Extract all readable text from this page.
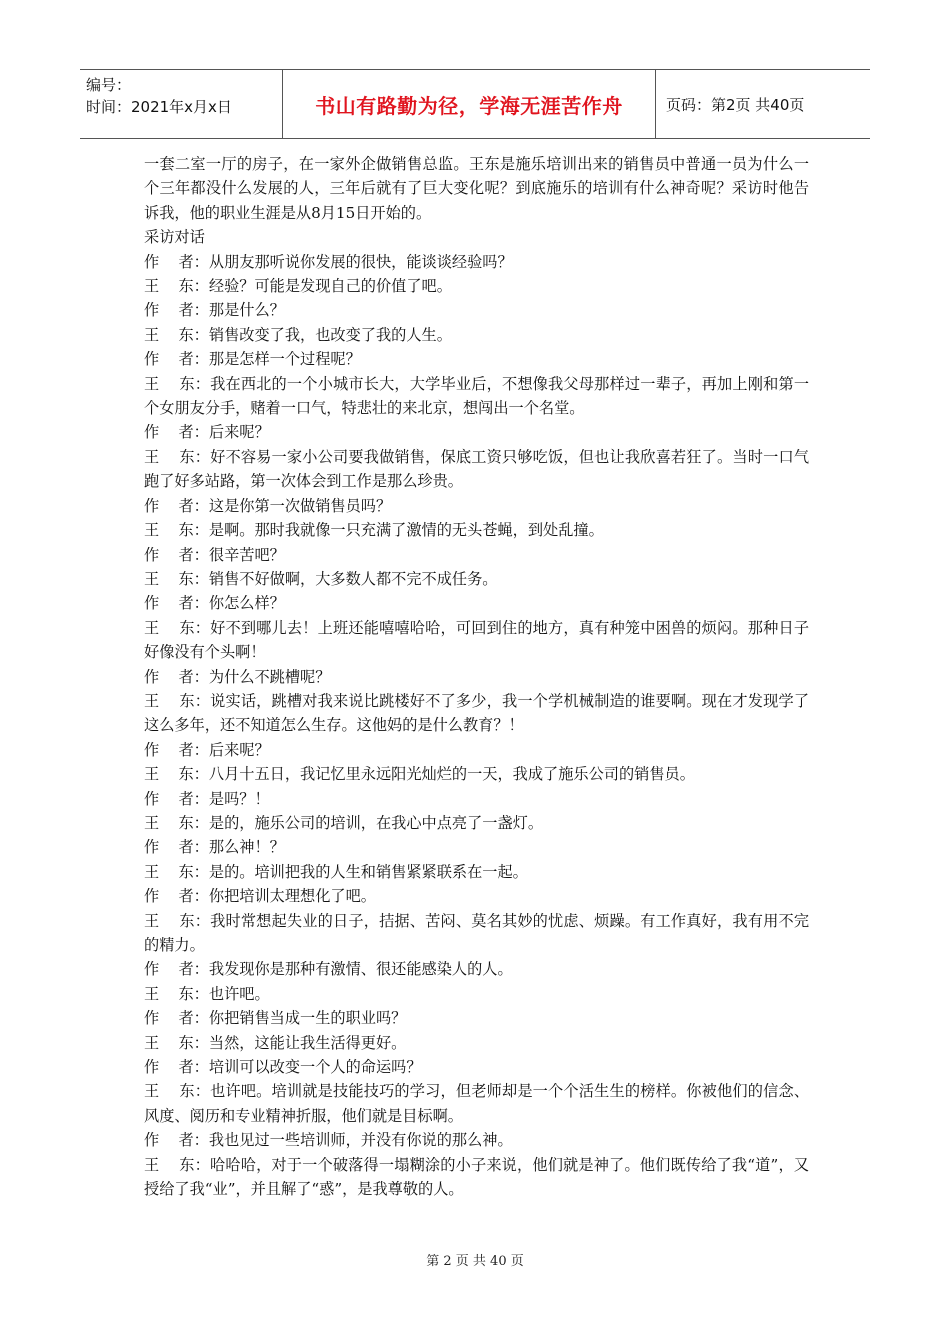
编号：
时间：2021年x月x日	书山有路勤为径，学海无涯苦作舟	页码：第2页 共40页

一套二室一厅的房子，在一家外企做销售总监。王东是施乐培训出来的销售员中普通一员为什么一个三年都没什么发展的人，三年后就有了巨大变化呢？到底施乐的培训有什么神奇呢？采访时他告诉我，他的职业生涯是从8月15日开始的。

采访对话

作    者：从朋友那听说你发展的很快，能谈谈经验吗？

王    东：经验？可能是发现自己的价值了吧。

作    者：那是什么？

王    东：销售改变了我，也改变了我的人生。

作    者：那是怎样一个过程呢？

王    东：我在西北的一个小城市长大，大学毕业后，不想像我父母那样过一辈子，再加上刚和第一个女朋友分手，赌着一口气，特悲壮的来北京，想闯出一个名堂。

作    者：后来呢？

王    东：好不容易一家小公司要我做销售，保底工资只够吃饭，但也让我欣喜若狂了。当时一口气跑了好多站路，第一次体会到工作是那么珍贵。

作    者：这是你第一次做销售员吗？

王    东：是啊。那时我就像一只充满了激情的无头苍蝇，到处乱撞。

作    者：很辛苦吧？

王    东：销售不好做啊，大多数人都不完不成任务。

作    者：你怎么样？

王    东：好不到哪儿去！上班还能嘻嘻哈哈，可回到住的地方，真有种笼中困兽的烦闷。那种日子好像没有个头啊！

作    者：为什么不跳槽呢？

王    东：说实话，跳槽对我来说比跳楼好不了多少，我一个学机械制造的谁要啊。现在才发现学了这么多年，还不知道怎么生存。这他妈的是什么教育？！

作    者：后来呢？

王    东：八月十五日，我记忆里永远阳光灿烂的一天，我成了施乐公司的销售员。

作    者：是吗？！

王    东：是的，施乐公司的培训，在我心中点亮了一盏灯。

作    者：那么神！？

王    东：是的。培训把我的人生和销售紧紧联系在一起。

作    者：你把培训太理想化了吧。

王    东：我时常想起失业的日子，拮据、苦闷、莫名其妙的忧虑、烦躁。有工作真好，我有用不完的精力。

作    者：我发现你是那种有激情、很还能感染人的人。

王    东：也许吧。

作    者：你把销售当成一生的职业吗？

王    东：当然，这能让我生活得更好。

作    者：培训可以改变一个人的命运吗？

王    东：也许吧。培训就是技能技巧的学习，但老师却是一个个活生生的榜样。你被他们的信念、风度、阅历和专业精神折服，他们就是目标啊。

作    者：我也见过一些培训师，并没有你说的那么神。

王    东：哈哈哈，对于一个破落得一塌糊涂的小子来说，他们就是神了。他们既传给了我“道”，又授给了我“业”，并且解了“惑”，是我尊敬的人。

第 2 页 共 40 页
